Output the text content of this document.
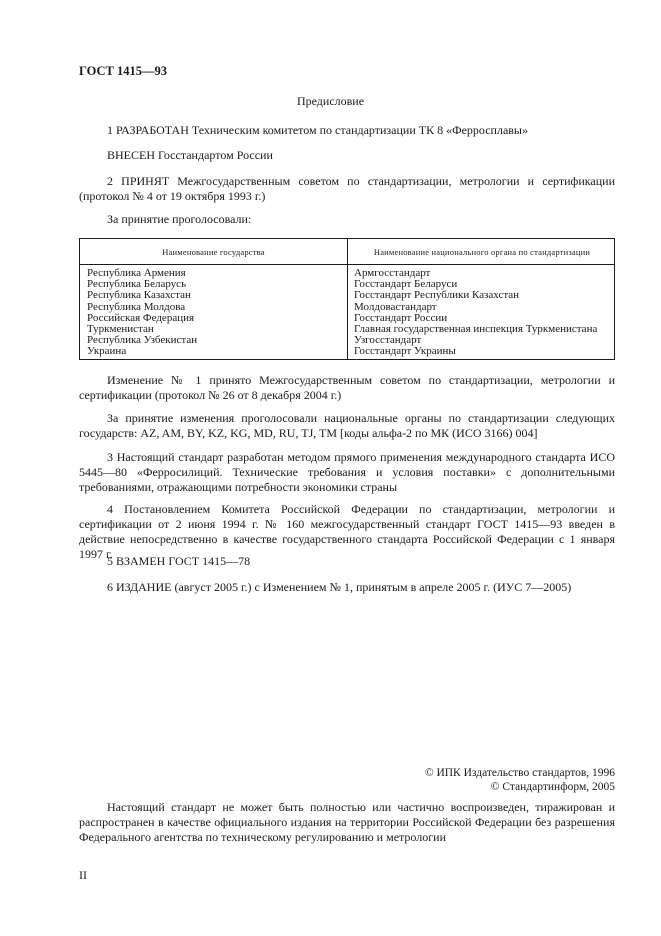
ГОСТ 1415—93
Предисловие
1 РАЗРАБОТАН Техническим комитетом по стандартизации ТК 8 «Ферросплавы»
ВНЕСЕН Госстандартом России
2 ПРИНЯТ Межгосударственным советом по стандартизации, метрологии и сертификации (протокол № 4 от 19 октября 1993 г.)
За принятие проголосовали:
Наименование государства	Наименование национального органа по стандартизации
Республика Армения
Республика Беларусь
Республика Казахстан
Республика Молдова
Российская Федерация
Туркменистан
Республика Узбекистан
Украина
Армгосстандарт
Госстандарт Беларуси
Госстандарт Республики Казахстан
Молдовастандарт
Госстандарт России
Главная государственная инспекция Туркменистана
Узгосстандарт
Госстандарт Украины
Изменение № 1 принято Межгосударственным советом по стандартизации, метрологии и сертификации (протокол № 26 от 8 декабря 2004 г.)
За принятие изменения проголосовали национальные органы по стандартизации следующих государств: AZ, AM, BY, KZ, KG, MD, RU, TJ, TM [коды альфа-2 по МК (ИСО 3166) 004]
3 Настоящий стандарт разработан методом прямого применения международного стандарта ИСО 5445—80 «Ферросилиций. Технические требования и условия поставки» с дополнительными требованиями, отражающими потребности экономики страны
4 Постановлением Комитета Российской Федерации по стандартизации, метрологии и сертификации от 2 июня 1994 г. № 160 межгосударственный стандарт ГОСТ 1415—93 введен в действие непосредственно в качестве государственного стандарта Российской Федерации с 1 января 1997 г.
5 ВЗАМЕН ГОСТ 1415—78
6 ИЗДАНИЕ (август 2005 г.) с Изменением № 1, принятым в апреле 2005 г. (ИУС 7—2005)
© ИПК Издательство стандартов, 1996
© Стандартинформ, 2005
Настоящий стандарт не может быть полностью или частично воспроизведен, тиражирован и распространен в качестве официального издания на территории Российской Федерации без разрешения Федерального агентства по техническому регулированию и метрологии
II
